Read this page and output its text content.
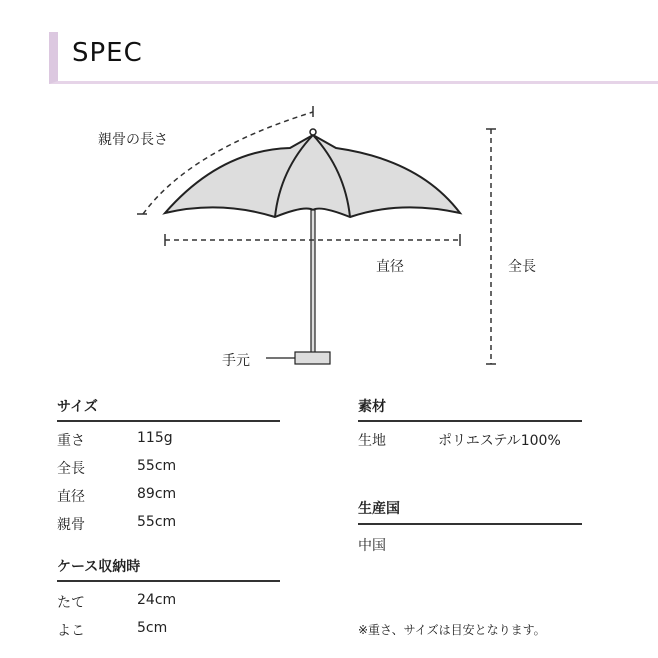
SPEC
親骨の長さ
直径	全長
手元
サイズ
重さ	115g
全長	55cm
直径	89cm
親骨	55cm
ケース収納時
たて	24cm
よこ	5cm
素材
生地	ポリエステル100%
生産国
中国
※重さ、サイズは目安となります。
